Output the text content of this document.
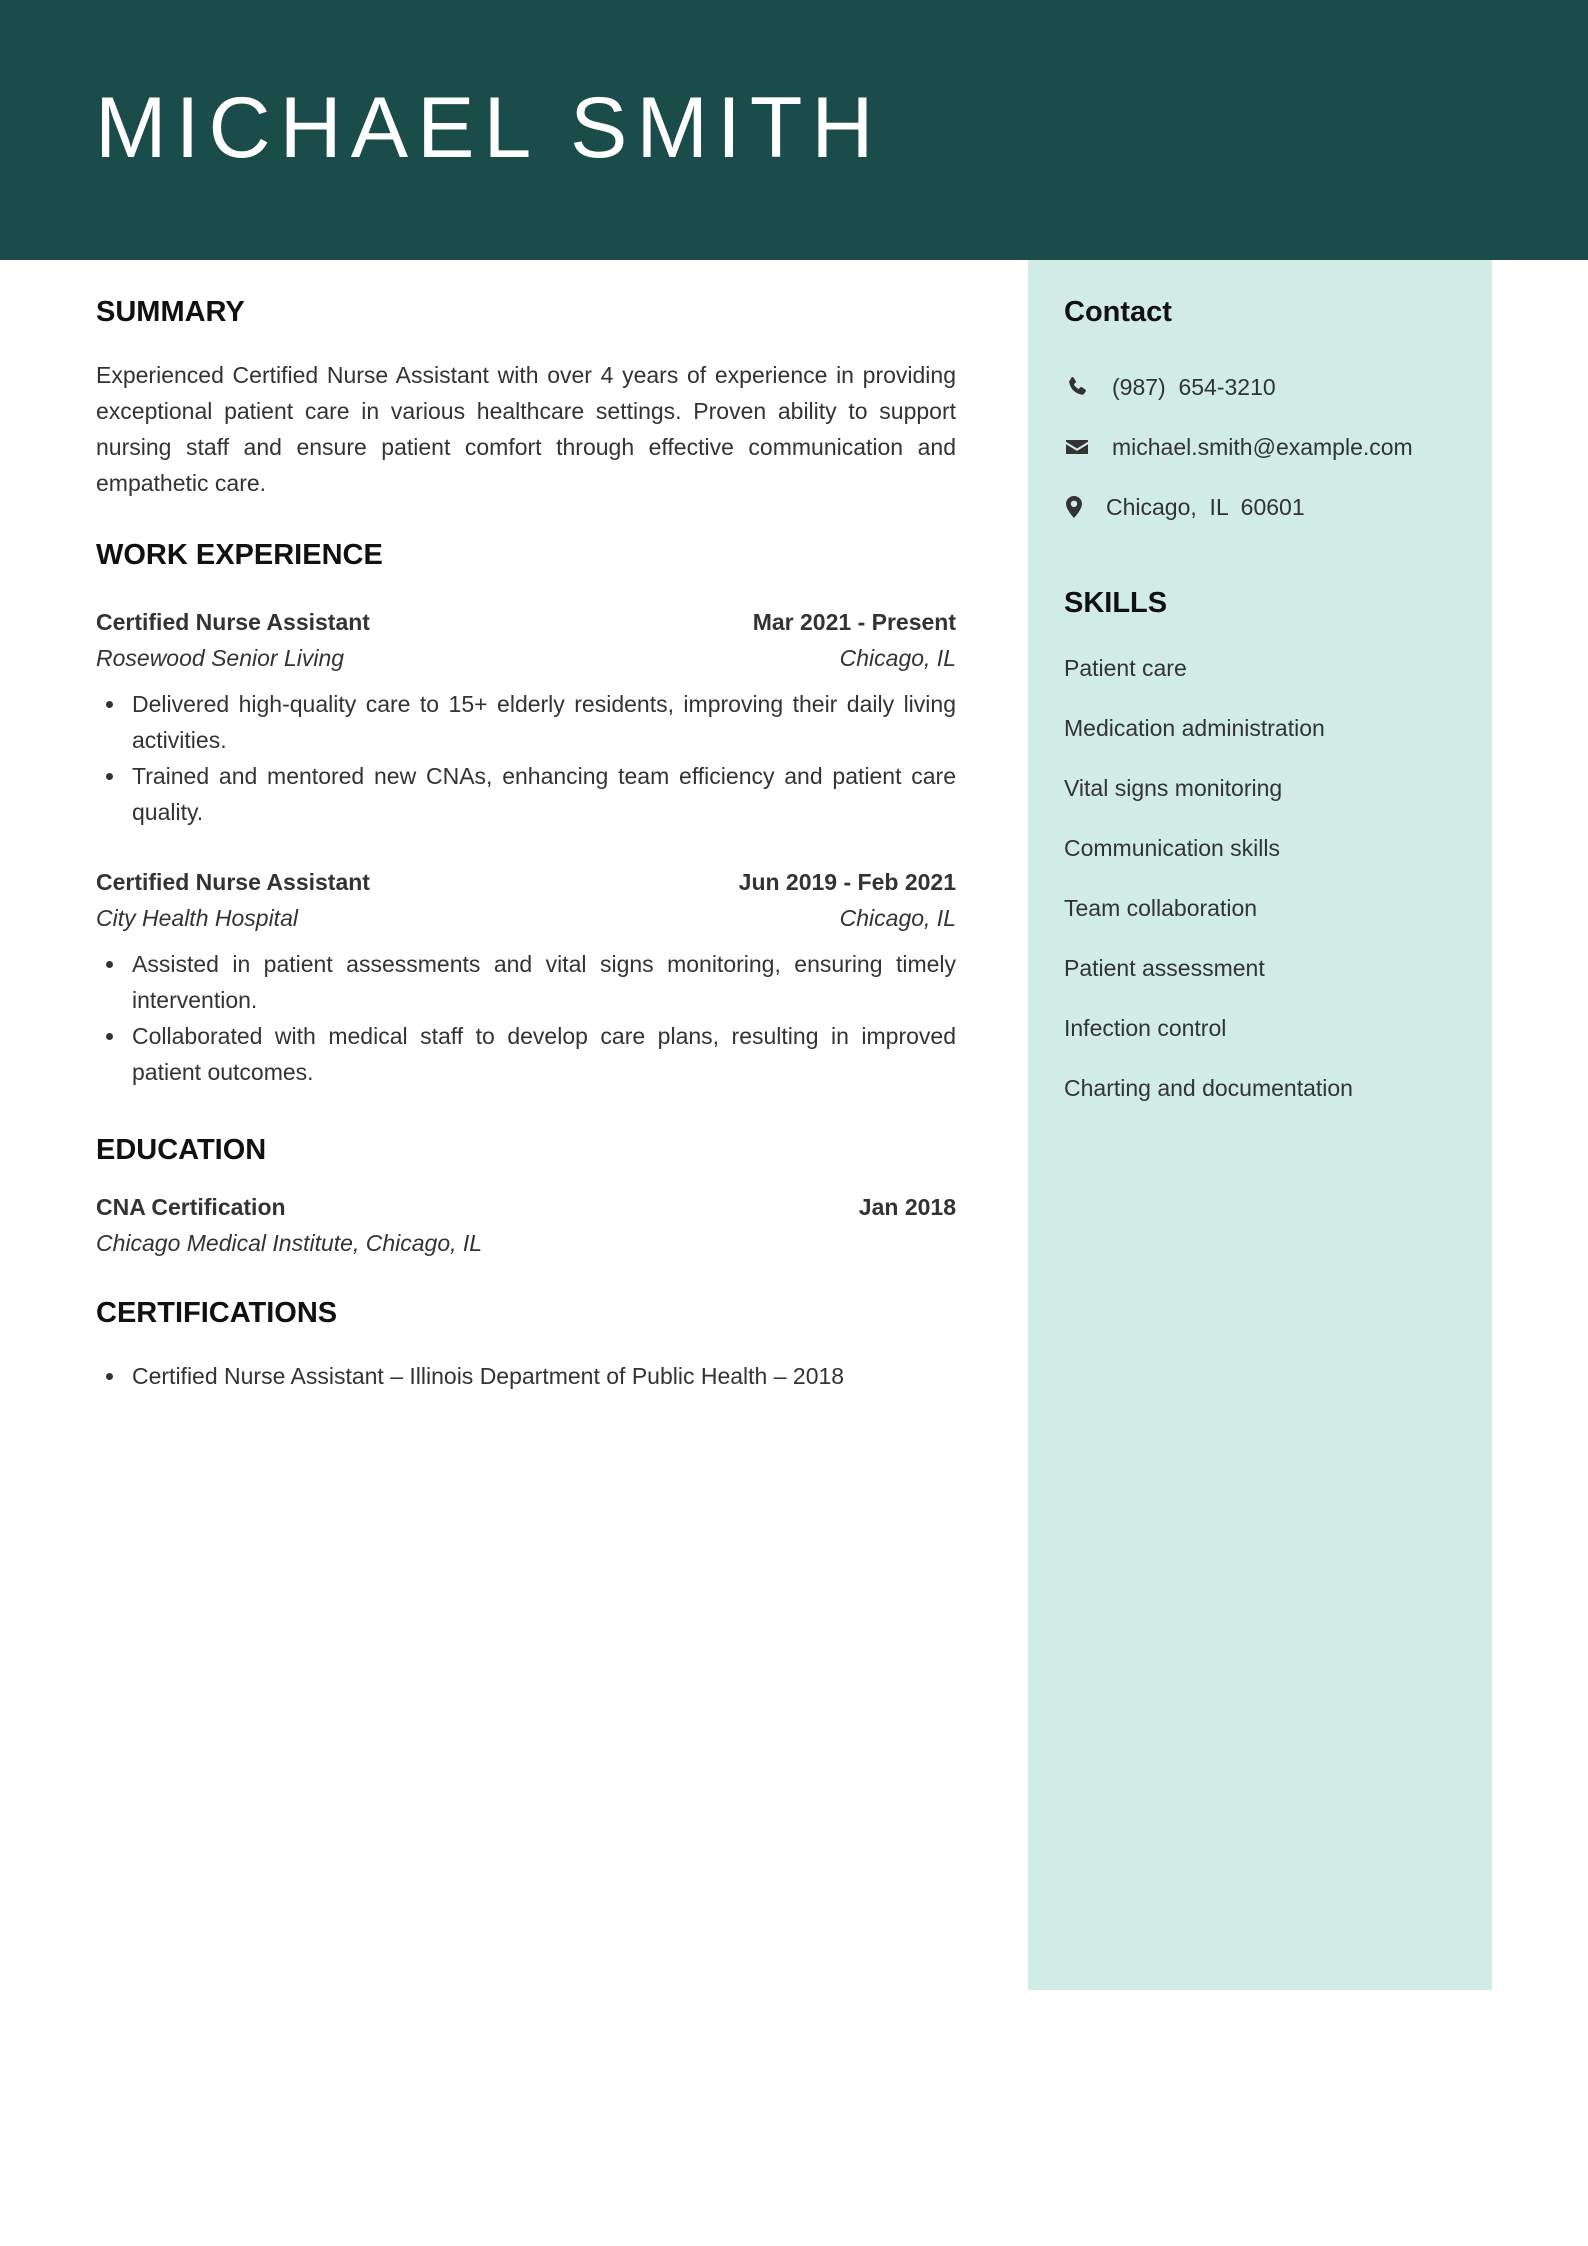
MICHAEL SMITH
Contact
(987)  654-3210
michael.smith@example.com
Chicago,  IL  60601
SKILLS
Patient care
Medication administration
Vital signs monitoring
Communication skills
Team collaboration
Patient assessment
Infection control
Charting and documentation
SUMMARY

Experienced Certified Nurse Assistant with over 4 years of experience in providing exceptional patient care in various healthcare settings. Proven ability to support nursing staff and ensure patient comfort through effective communication and empathetic care.

WORK EXPERIENCE
Certified Nurse Assistant	Mar 2021 - Present
Rosewood Senior Living	Chicago, IL
Delivered high-quality care to 15+ elderly residents, improving their daily living activities.
Trained and mentored new CNAs, enhancing team efficiency and patient care quality.
Certified Nurse Assistant	Jun 2019 - Feb 2021
City Health Hospital	Chicago, IL
Assisted in patient assessments and vital signs monitoring, ensuring timely intervention.
Collaborated with medical staff to develop care plans, resulting in improved patient outcomes.
EDUCATION
CNA Certification	Jan 2018
Chicago Medical Institute, Chicago, IL
CERTIFICATIONS
Certified Nurse Assistant – Illinois Department of Public Health – 2018
